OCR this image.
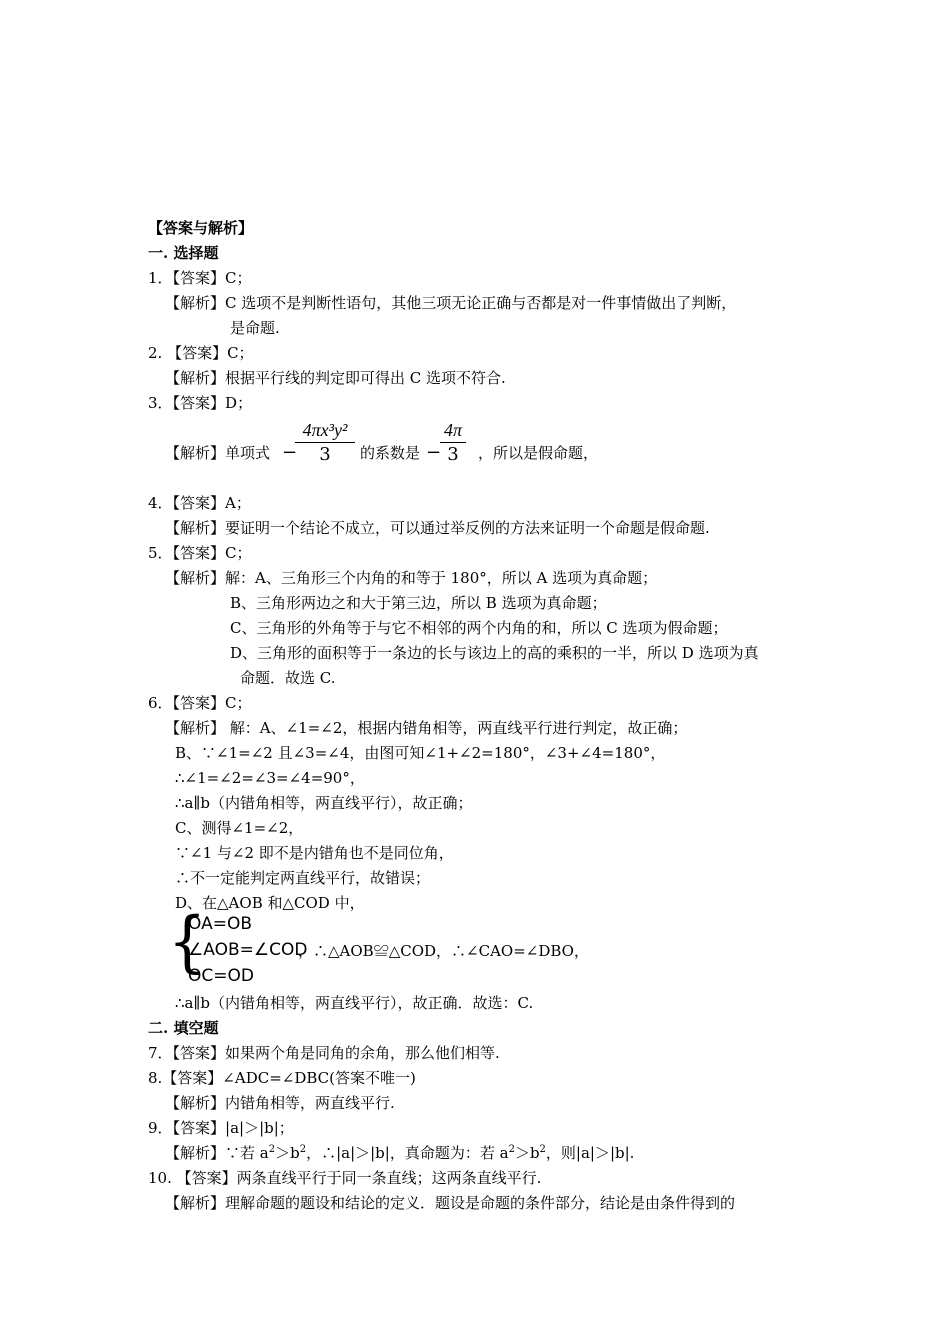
【答案与解析】
一. 选择题
1．【答案】C；
【解析】C 选项不是判断性语句，其他三项无论正确与否都是对一件事情做出了判断，
是命题.
2. 【答案】C；
【解析】根据平行线的判定即可得出 C 选项不符合.
3．【答案】D；
【解析】单项式 −
4πx³y²
3	的系数是 −
4π
3	，所以是假命题，
4．【答案】A；
【解析】要证明一个结论不成立，可以通过举反例的方法来证明一个命题是假命题.
5．【答案】C；
【解析】解：A、三角形三个内角的和等于 180°，所以 A 选项为真命题；
B、三角形两边之和大于第三边，所以 B 选项为真命题；
C、三角形的外角等于与它不相邻的两个内角的和，所以 C 选项为假命题；
D、三角形的面积等于一条边的长与该边上的高的乘积的一半，所以 D 选项为真
命题．故选 C.
6．【答案】C；
【解析】 解：A、∠1=∠2，根据内错角相等，两直线平行进行判定，故正确；
B、∵∠1=∠2 且∠3=∠4，由图可知∠1+∠2=180°，∠3+∠4=180°，
∴∠1=∠2=∠3=∠4=90°，
∴a∥b（内错角相等，两直线平行），故正确；
C、测得∠1=∠2，
∵∠1 与∠2 即不是内错角也不是同位角，
∴不一定能判定两直线平行，故错误；
D、在△AOB 和△COD 中，
{
OA=OB
∠AOB=∠COD
OC=OD
，∴△AOB≌△COD，∴∠CAO=∠DBO，
∴a∥b（内错角相等，两直线平行），故正确．故选：C.
二. 填空题
7．【答案】如果两个角是同角的余角，那么他们相等.
8.【答案】∠ADC=∠DBC(答案不唯一)
【解析】内错角相等，两直线平行.
9．【答案】|a|＞|b|；
【解析】∵若 $a^2>b^2$，∴|a|＞|b|，真命题为：若 $a^2>b^2$，则|a|＞|b|.
10. 【答案】两条直线平行于同一条直线；这两条直线平行.
【解析】理解命题的题设和结论的定义．题设是命题的条件部分，结论是由条件得到的
